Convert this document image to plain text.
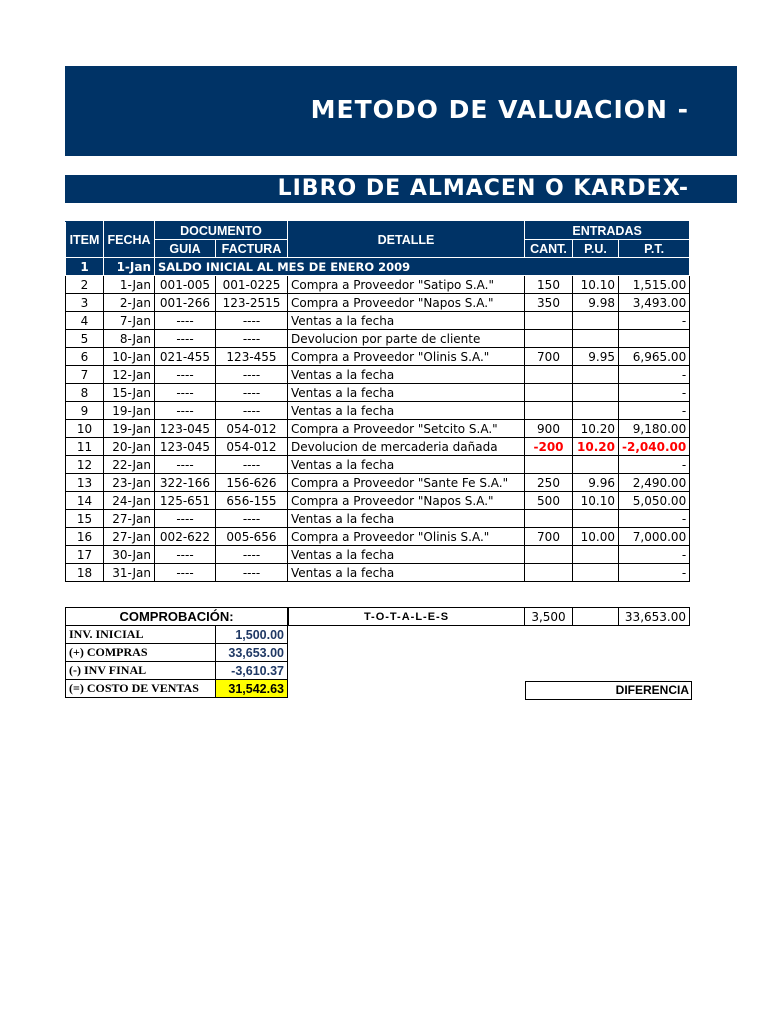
METODO DE VALUACION -
LIBRO DE ALMACEN O KARDEX-
ITEM	FECHA	DOCUMENTO		DETALLE	ENTRADAS		
		GUIA	FACTURA		CANT.	P.U.	P.T.
1	1-Jan	SALDO INICIAL AL MES DE ENERO 2009					
2	1-Jan	001-005	001-0225	Compra a Proveedor "Satipo S.A."	150	10.10	1,515.00
3	2-Jan	001-266	123-2515	Compra a Proveedor "Napos S.A."	350	9.98	3,493.00
4	7-Jan	----	----	Ventas a la fecha			-
5	8-Jan	----	----	Devolucion por parte de cliente			
6	10-Jan	021-455	123-455	Compra a Proveedor "Olinis S.A."	700	9.95	6,965.00
7	12-Jan	----	----	Ventas a la fecha			-
8	15-Jan	----	----	Ventas a la fecha			-
9	19-Jan	----	----	Ventas a la fecha			-
10	19-Jan	123-045	054-012	Compra a Proveedor "Setcito S.A."	900	10.20	9,180.00
11	20-Jan	123-045	054-012	Devolucion de mercaderia dañada	-200	10.20	-2,040.00
12	22-Jan	----	----	Ventas a la fecha			-
13	23-Jan	322-166	156-626	Compra a Proveedor "Sante Fe S.A."	250	9.96	2,490.00
14	24-Jan	125-651	656-155	Compra a Proveedor "Napos S.A."	500	10.10	5,050.00
15	27-Jan	----	----	Ventas a la fecha			-
16	27-Jan	002-622	005-656	Compra a Proveedor "Olinis S.A."	700	10.00	7,000.00
17	30-Jan	----	----	Ventas a la fecha			-
18	31-Jan	----	----	Ventas a la fecha			-
COMPROBACIÓN:	
INV. INICIAL	1,500.00
(+) COMPRAS	33,653.00
(-) INV FINAL	-3,610.37
(=) COSTO DE VENTAS	31,542.63
T-O-T-A-L-E-S	3,500		33,653.00
DIFERENCIA
